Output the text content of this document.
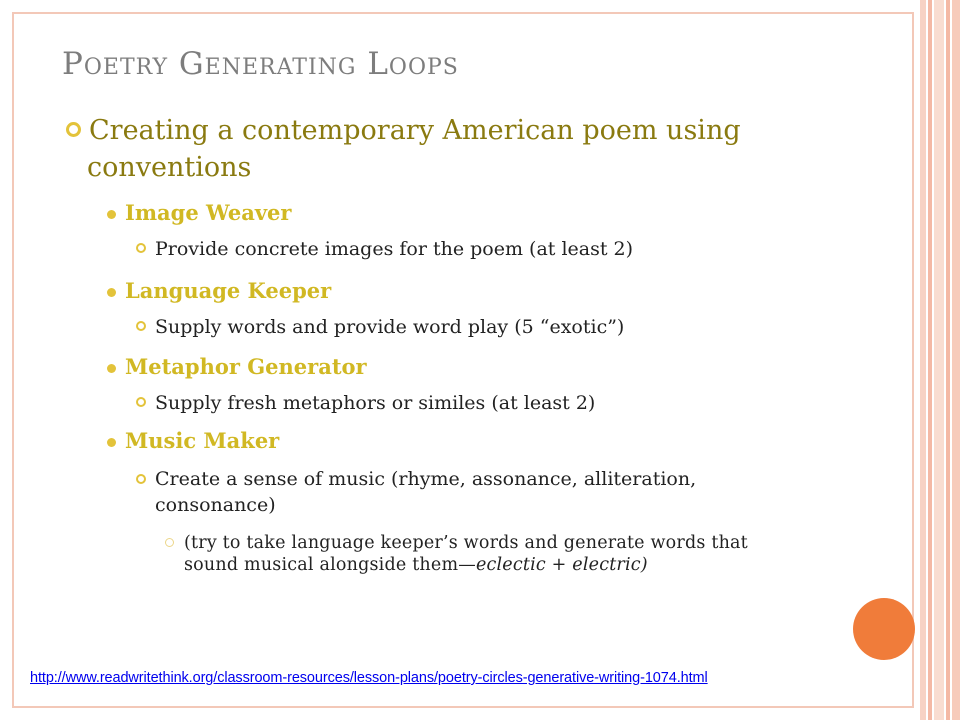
Poetry Generating Loops
Creating a contemporary American poem using
conventions
Image Weaver
Provide concrete images for the poem (at least 2)
Language Keeper
Supply words and provide word play (5 “exotic”)
Metaphor Generator
Supply fresh metaphors or similes (at least 2)
Music Maker
Create a sense of music (rhyme, assonance, alliteration,
consonance)
(try to take language keeper’s words and generate words that
sound musical alongside them—eclectic + electric)
http://www.readwritethink.org/classroom-resources/lesson-plans/poetry-circles-generative-writing-1074.html
